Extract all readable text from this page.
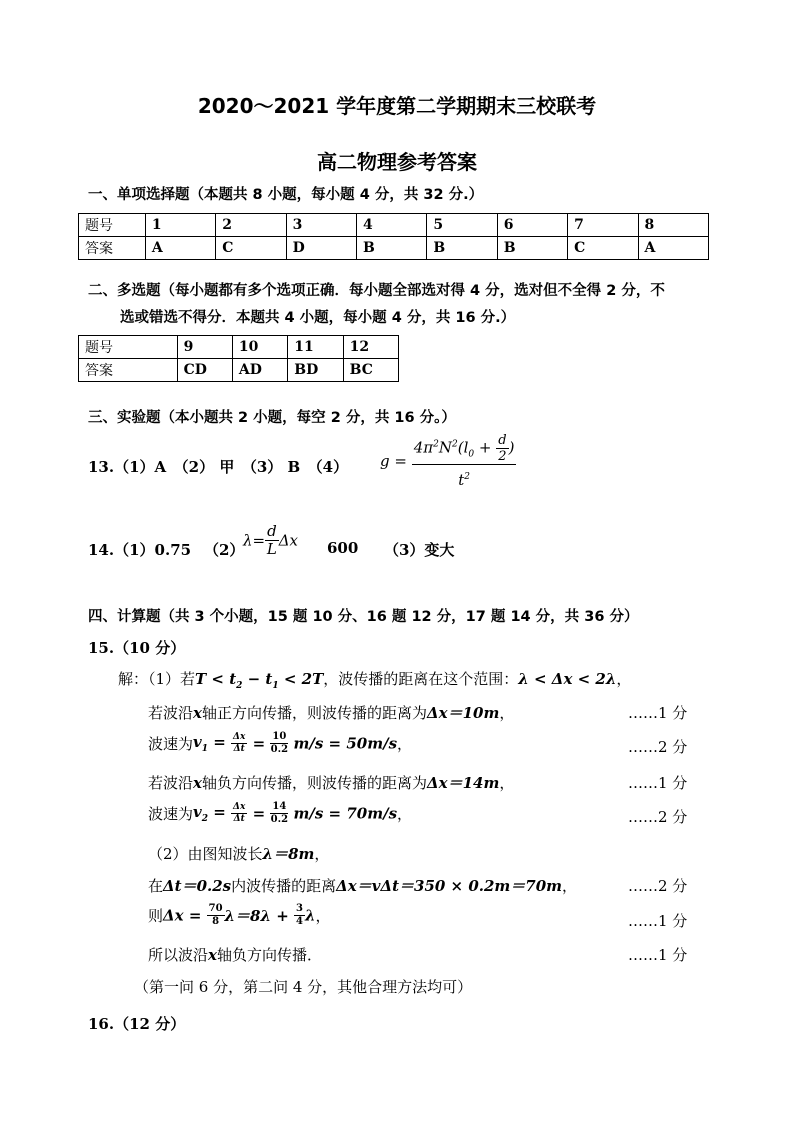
2020～2021 学年度第二学期期末三校联考
高二物理参考答案
一、单项选择题（本题共 8 小题，每小题 4 分，共 32 分.）
题号	1	2	3	4	5	6	7	8
答案	A	C	D	B	B	B	C	A
二、多选题（每小题都有多个选项正确．每小题全部选对得 4 分，选对但不全得 2 分，不
选或错选不得分．本题共 4 小题，每小题 4 分，共 16 分.）
题号	9	10	11	12
答案	CD	AD	BD	BC
三、实验题（本小题共 2 小题，每空 2 分，共 16 分。）
13.（1）A　（2） 甲　（3） B　（4） $g = \frac{4\pi^2N^2(l_0 + \frac{d}{2} )}{t^2}$
14.（1）0.75 （2）
$\lambda= \frac{d}{L}$ Δx 600 （3）变大
四、计算题（共 3 个小题，15 题 10 分、16 题 12 分，17 题 14 分，共 36 分）
15.（10 分）
解：（1）若$T < t_2 - t_1 < 2T$，波传播的距离在这个范围：λ < Δx < 2λ，
若波沿x轴正方向传播，则波传播的距离为Δx＝10m，	……1 分
波速为$v_1 = \frac{\Delta x}{\Delta t} = \frac{10}{0.2} m/s = 50m/s$，	……2 分
若波沿x轴负方向传播，则波传播的距离为Δx＝14m，	……1 分
波速为$v_2 = \frac{\Delta x}{\Delta t} = \frac{14}{0.2} m/s = 70m/s$，	……2 分
（2）由图知波长λ＝8m，
在Δt＝0.2s内波传播的距离Δx＝vΔt＝350 × 0.2m＝70m，	……2 分
则$\Delta x = \frac{70}{8} \lambda=8\lambda + \frac{3}{4}$ λ，	……1 分
所以波沿x轴负方向传播．	……1 分
（第一问 6 分，第二问 4 分，其他合理方法均可）
16.（12 分）
